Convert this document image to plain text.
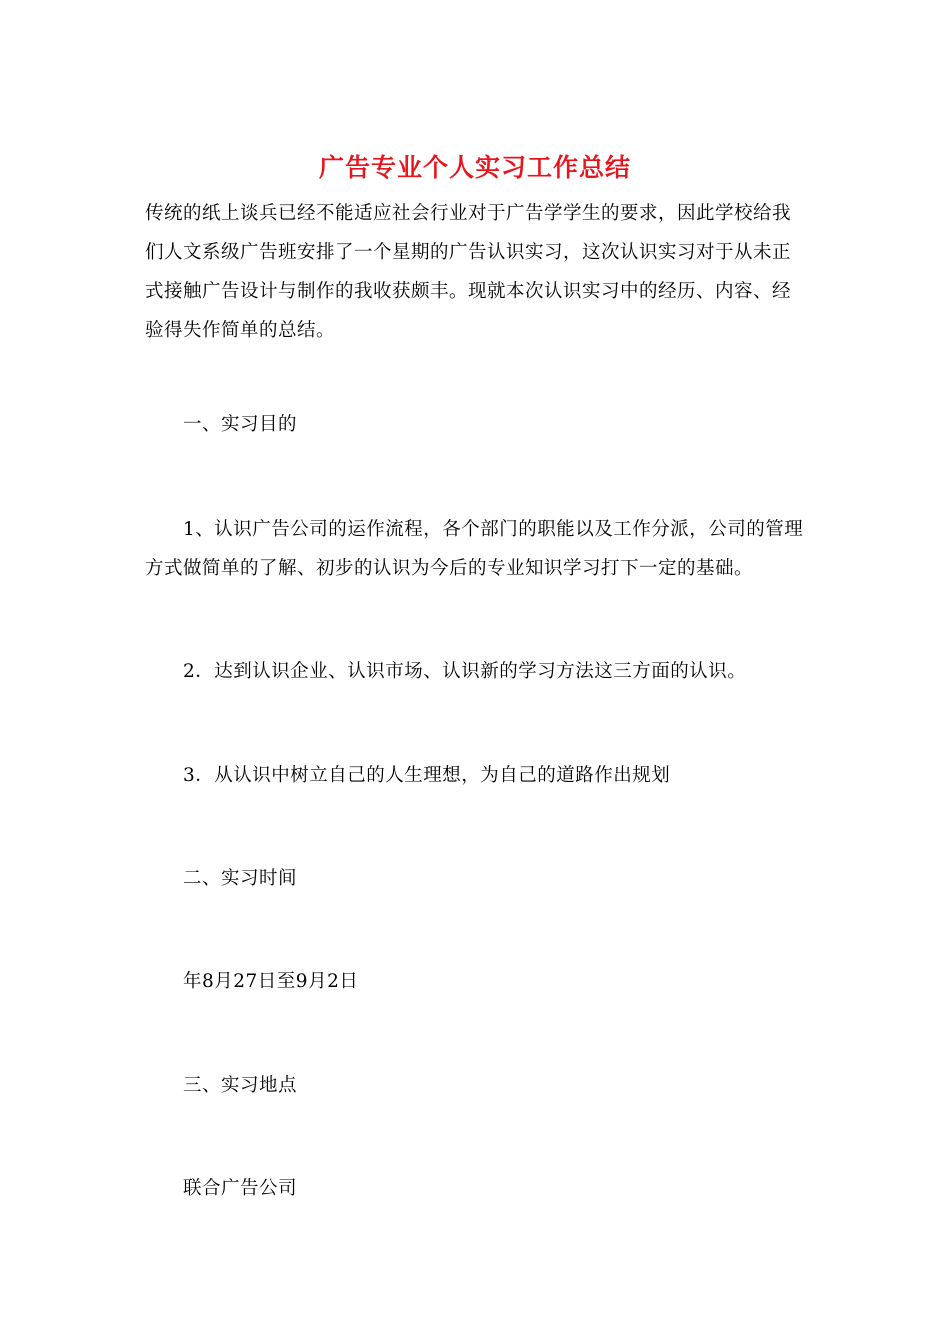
广告专业个人实习工作总结
传统的纸上谈兵已经不能适应社会行业对于广告学学生的要求，因此学校给我们人文系级广告班安排了一个星期的广告认识实习，这次认识实习对于从未正式接触广告设计与制作的我收获颇丰。现就本次认识实习中的经历、内容、经验得失作简单的总结。
一、实习目的
1、认识广告公司的运作流程，各个部门的职能以及工作分派，公司的管理
方式做简单的了解、初步的认识为今后的专业知识学习打下一定的基础。
2．达到认识企业、认识市场、认识新的学习方法这三方面的认识。
3．从认识中树立自己的人生理想，为自己的道路作出规划
二、实习时间
年8月27日至9月2日
三、实习地点
联合广告公司
